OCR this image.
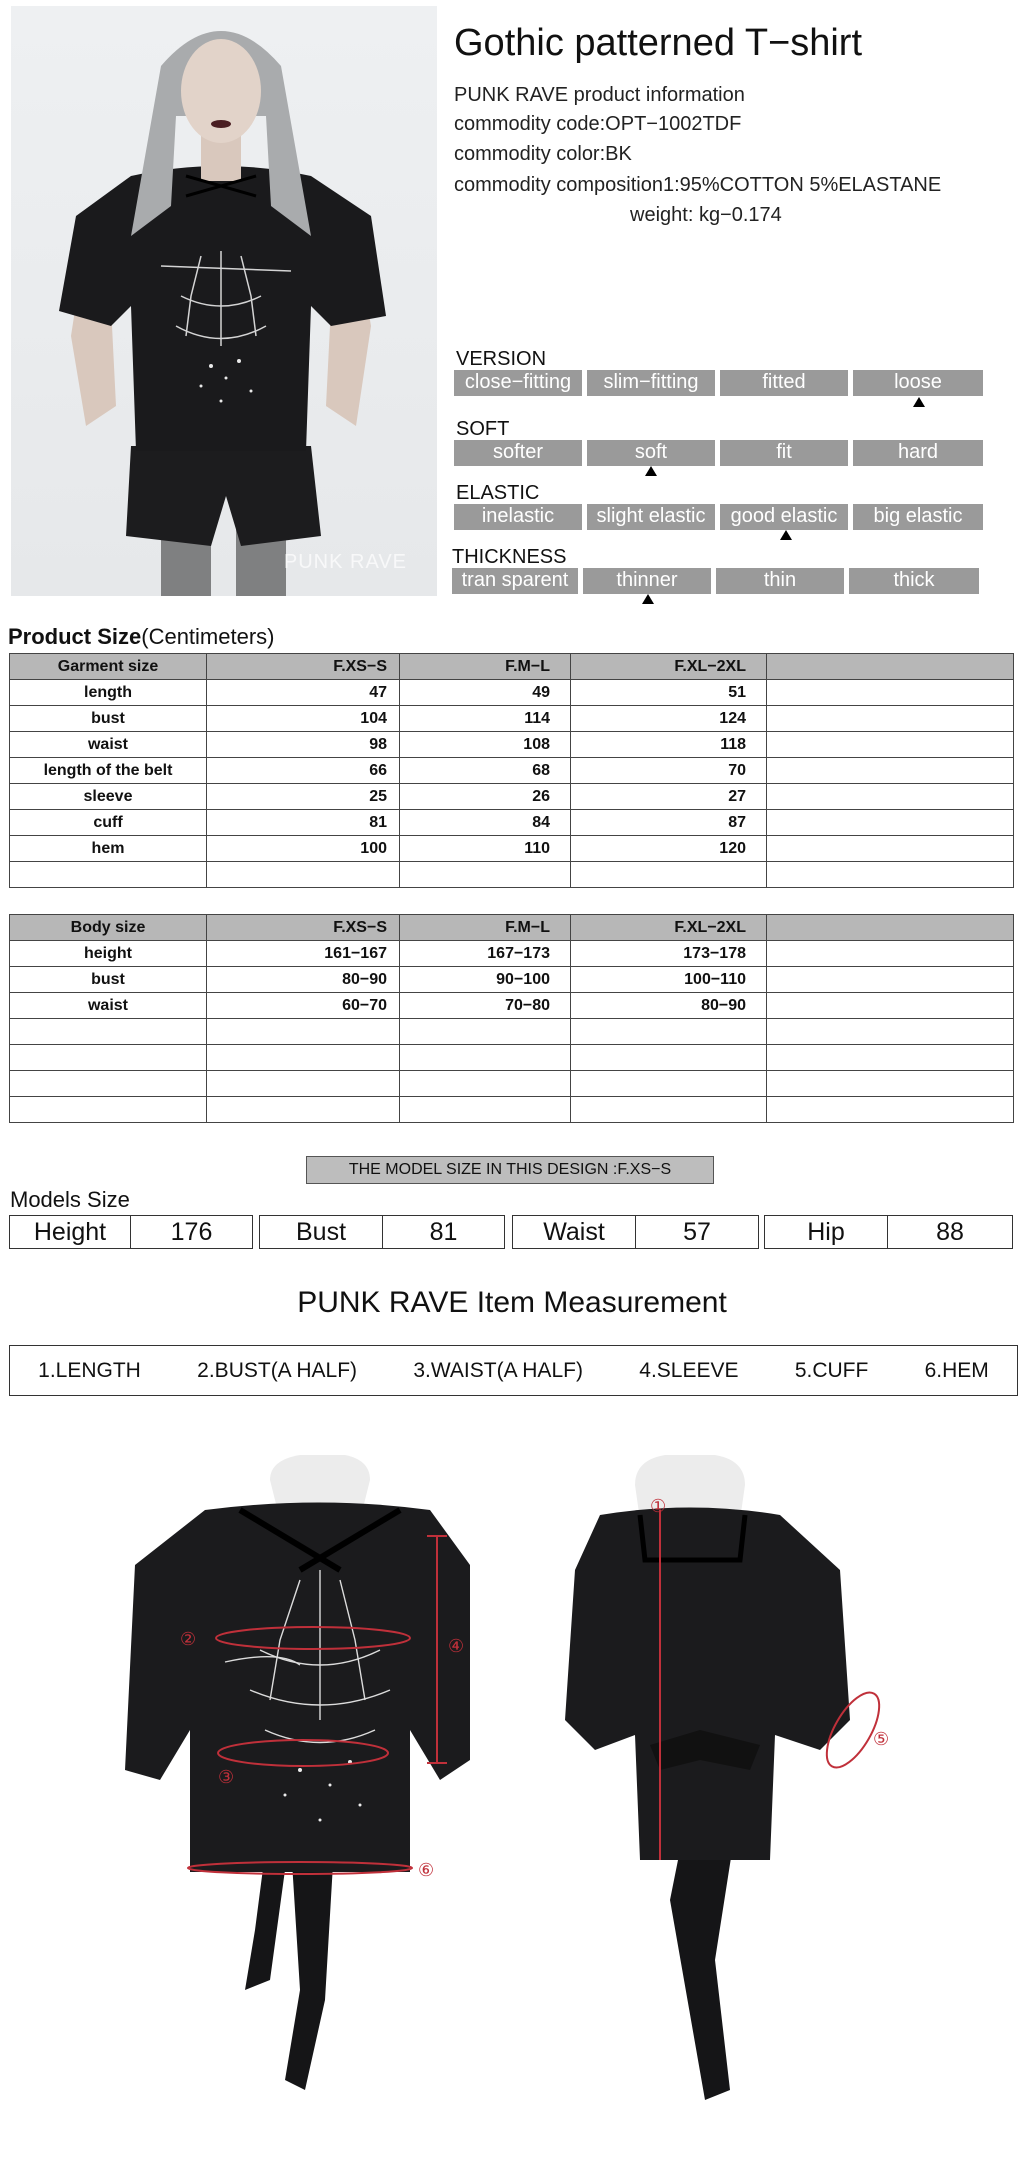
PUNK RAVE
Gothic patterned T−shirt
PUNK RAVE product information
commodity code:OPT−1002TDF
commodity color:BK
commodity composition1:95%COTTON 5%ELASTANE
weight: kg−0.174
VERSION
close−fitting	slim−fitting	fitted	loose
SOFT
softer	soft	fit	hard
ELASTIC
inelastic	slight elastic	good elastic	big elastic
THICKNESS
tran sparent	thinner	thin	thick
Product Size(Centimeters)
Garment size	F.XS−S	F.M−L	F.XL−2XL	
length	47	49	51	
bust	104	114	124	
waist	98	108	118	
length of the belt	66	68	70	
sleeve	25	26	27	
cuff	81	84	87	
hem	100	110	120	

Body size	F.XS−S	F.M−L	F.XL−2XL	
height	161−167	167−173	173−178	
bust	80−90	90−100	100−110	
waist	60−70	70−80	80−90	

THE MODEL SIZE IN THIS DESIGN :F.XS−S
Models Size
Height	176	Bust	81	Waist	57	Hip	88
PUNK RAVE Item Measurement
1.LENGTH	2.BUST(A HALF)	3.WAIST(A HALF)	4.SLEEVE	5.CUFF	6.HEM
②
③
④
⑥
①
⑤
